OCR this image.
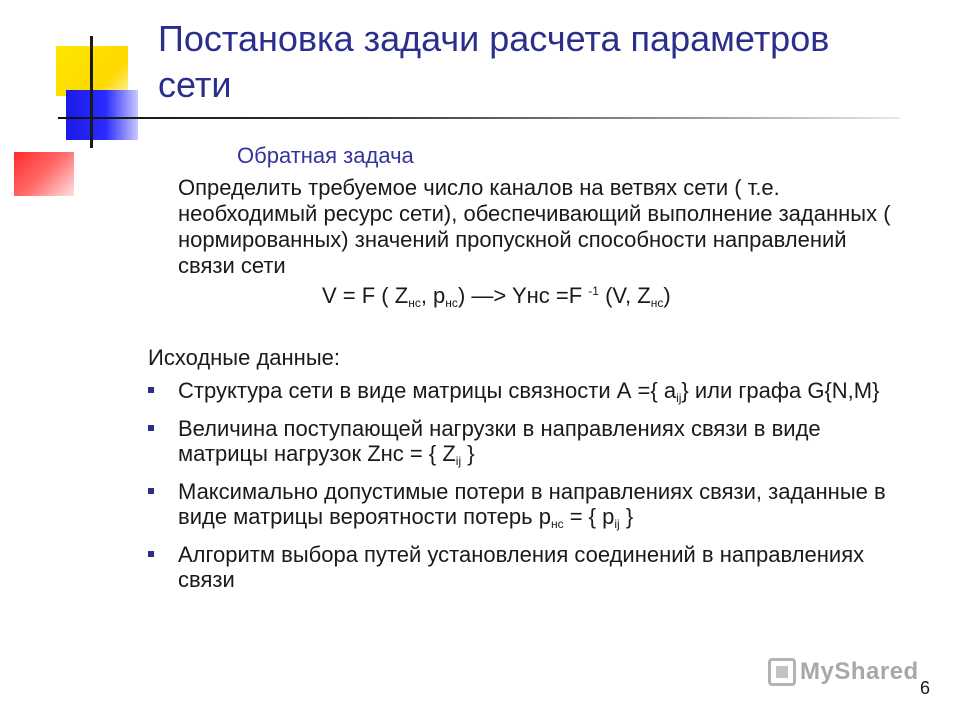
Постановка задачи расчета параметров сети

Обратная задача

Определить требуемое число каналов на ветвях сети ( т.е. необходимый ресурс сети), обеспечивающий выполнение заданных ( нормированных) значений пропускной способности направлений связи сети

V = F ( $Z_{нс}$, $p_{нс}$) —> Yнс =F $^{-1}$ (V, $Z_{нс}$)

Исходные данные:

Структура сети в виде матрицы связности А ={ $a_{ij}$} или графа G{N,M}
Величина поступающей нагрузки в направлениях связи в виде матрицы нагрузок Zнс = { $Z_{ij}$ }
Максимально допустимые потери в направлениях связи, заданные в виде матрицы вероятности потерь $p_{нс}$ = { $p_{ij}$ }
Алгоритм выбора путей установления соединений в направлениях связи
MyShared
6
